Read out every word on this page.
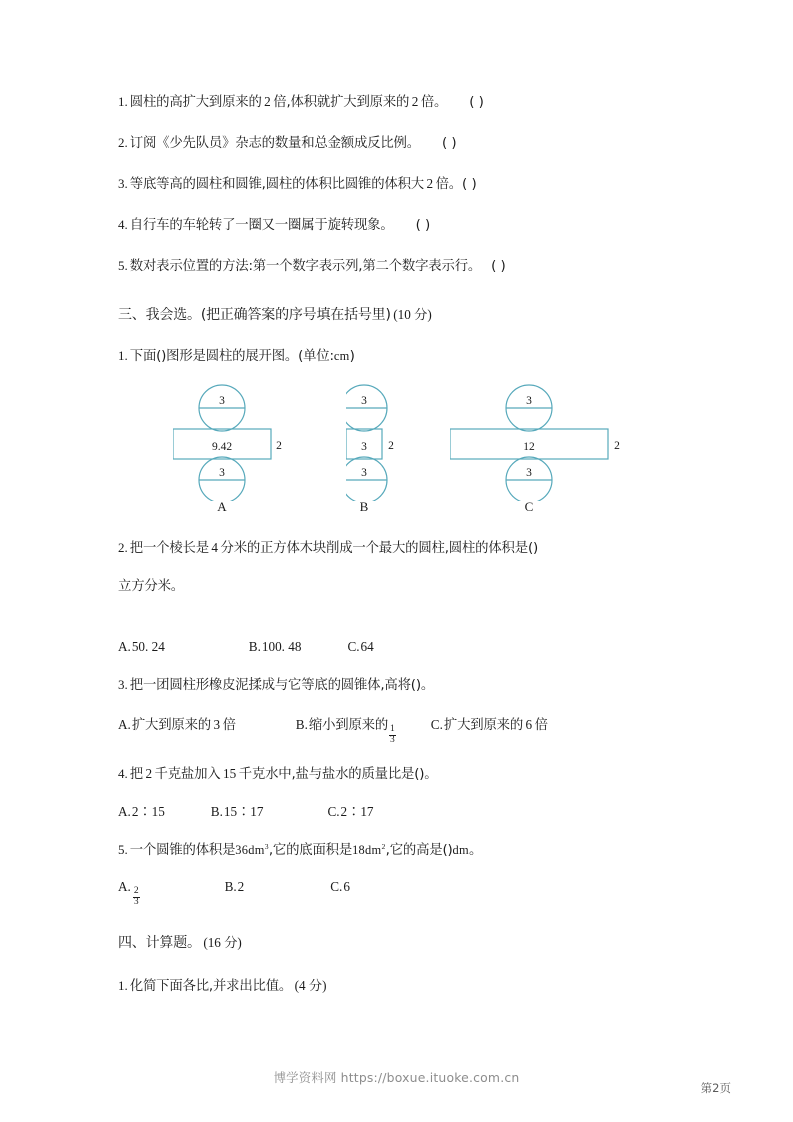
1. 圆柱的高扩大到原来的 2 倍,体积就扩大到原来的 2 倍。 ( )
2. 订阅《少先队员》杂志的数量和总金额成反比例。 ( )
3. 等底等高的圆柱和圆锥,圆柱的体积比圆锥的体积大 2 倍。 ( )
4. 自行车的车轮转了一圈又一圈属于旋转现象。 ( )
5. 数对表示位置的方法:第一个数字表示列,第二个数字表示行。 ( )
三、我会选。 (把正确答案的序号填在括号里) (10 分)
1. 下面( )图形是圆柱的展开图。 (单位: cm )
3
9.42	2
3
A
3
3 2
3
B
3
12	2
3
C
2. 把一个棱长是 4 分米的正方体木块削成一个最大的圆柱,圆柱的体积是( )
立方分米。
A. 50. 24	B. 100. 48	C. 64
3. 把一团圆柱形橡皮泥揉成与它等底的圆锥体,高将( )。
A. 扩大到原来的 3 倍	B. 缩小到原来的 $\frac{1}{3}$
C. 扩大到原来的 6 倍
4. 把 2 千克盐加入 15 千克水中,盐与盐水的质量比是( )。
A. 2∶15	B. 15∶17	C. 2∶17
5. 一个圆锥的体积是 $36dm^3$ ,它的底面积是 $18dm^2$ ,它的高是( ) dm 。
A.
$\frac{2}{3}$
B. 2	C. 6
四、计算题。 (16 分)
1. 化简下面各比,并求出比值。 (4 分)
博学资料网 https://boxue.ituoke.com.cn
第2页
